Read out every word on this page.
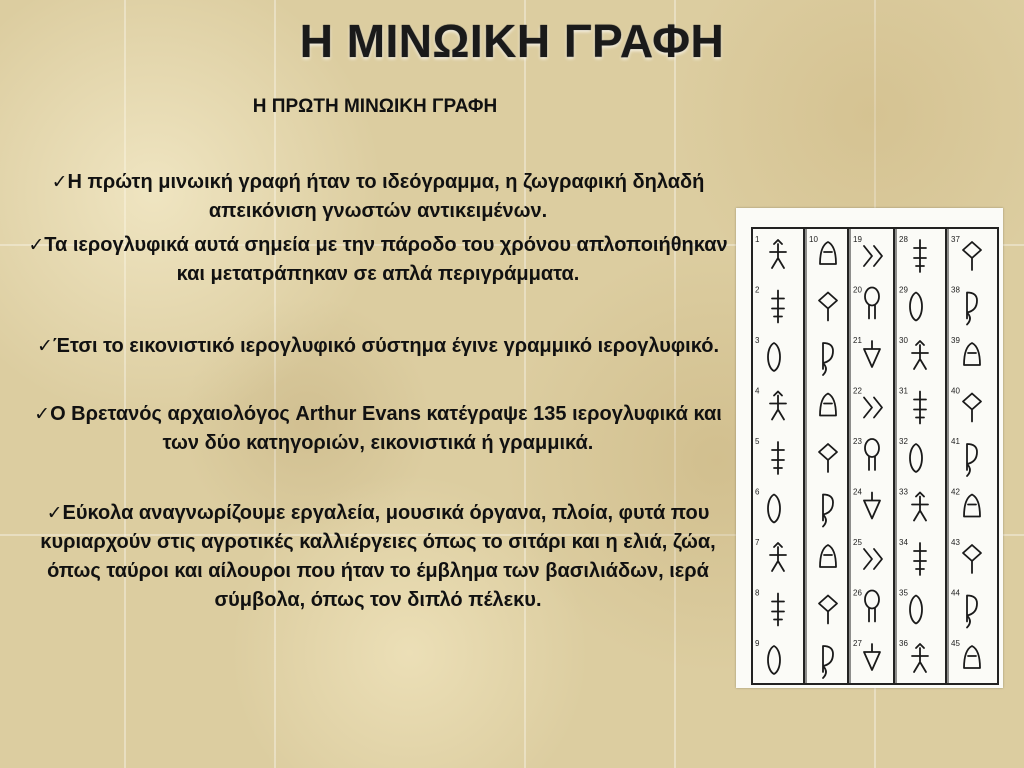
Η ΜΙΝΩΙΚΗ ΓΡΑΦΗ
Η ΠΡΩΤΗ ΜΙΝΩΙΚΗ ΓΡΑΦΗ

✓Η πρώτη μινωική γραφή ήταν το ιδεόγραμμα, η ζωγραφική δηλαδή απεικόνιση γνωστών αντικειμένων.

✓Τα ιερογλυφικά αυτά σημεία με την πάροδο του χρόνου απλοποιήθηκαν και μετατράπηκαν σε απλά περιγράμματα.

✓Έτσι το εικονιστικό ιερογλυφικό σύστημα έγινε γραμμικό ιερογλυφικό.

✓Ο Βρετανός αρχαιολόγος Arthur Evans κατέγραψε 135 ιερογλυφικά και των δύο κατηγοριών, εικονιστικά ή γραμμικά.

✓Εύκολα αναγνωρίζουμε εργαλεία, μουσικά όργανα, πλοία, φυτά που κυριαρχούν στις αγροτικές καλλιέργειες όπως το σιτάρι και η ελιά, ζώα, όπως ταύροι και αίλουροι που ήταν το έμβλημα των βασιλιάδων, ιερά σύμβολα, όπως τον διπλό πέλεκυ.

1
2
3
4
5
6
7
8
9
10	19
20
21
22
23
24
25
26
27
28
29
30
31
32
33
34
35
36
37
38
39
40
41
42
43
44
45
